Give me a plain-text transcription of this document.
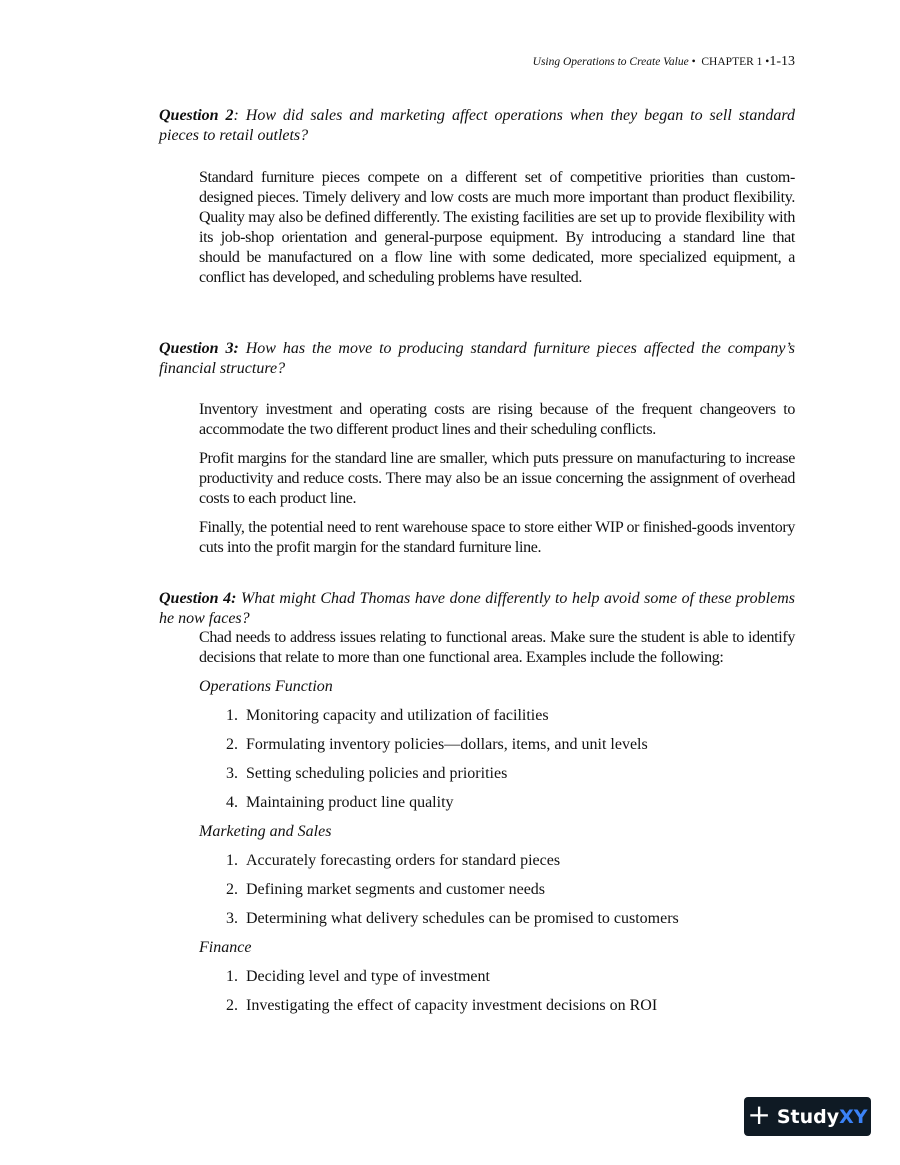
Using Operations to Create Value • CHAPTER 1 •1-13
Question 2: How did sales and marketing affect operations when they began to sell standard pieces to retail outlets?

Standard furniture pieces compete on a different set of competitive priorities than custom-designed pieces. Timely delivery and low costs are much more important than product flexibility. Quality may also be defined differently. The existing facilities are set up to provide flexibility with its job-shop orientation and general-purpose equipment. By introducing a standard line that should be manufactured on a flow line with some dedicated, more specialized equipment, a conflict has developed, and scheduling problems have resulted.

Question 3: How has the move to producing standard furniture pieces affected the company’s financial structure?

Inventory investment and operating costs are rising because of the frequent changeovers to accommodate the two different product lines and their scheduling conflicts.

Profit margins for the standard line are smaller, which puts pressure on manufacturing to increase productivity and reduce costs. There may also be an issue concerning the assignment of overhead costs to each product line.

Finally, the potential need to rent warehouse space to store either WIP or finished-goods inventory cuts into the profit margin for the standard furniture line.

Question 4: What might Chad Thomas have done differently to help avoid some of these problems he now faces?

Chad needs to address issues relating to functional areas. Make sure the student is able to identify decisions that relate to more than one functional area. Examples include the following:

Operations Function

1 . Monitoring capacity and utilization of facilities
2 . Formulating inventory policies—dollars, items, and unit levels
3 . Setting scheduling policies and priorities
4 . Maintaining product line quality

Marketing and Sales

1 . Accurately forecasting orders for standard pieces
2 . Defining market segments and customer needs
3 . Determining what delivery schedules can be promised to customers

Finance

1 . Deciding level and type of investment
2 . Investigating the effect of capacity investment decisions on ROI
+ Study XY
